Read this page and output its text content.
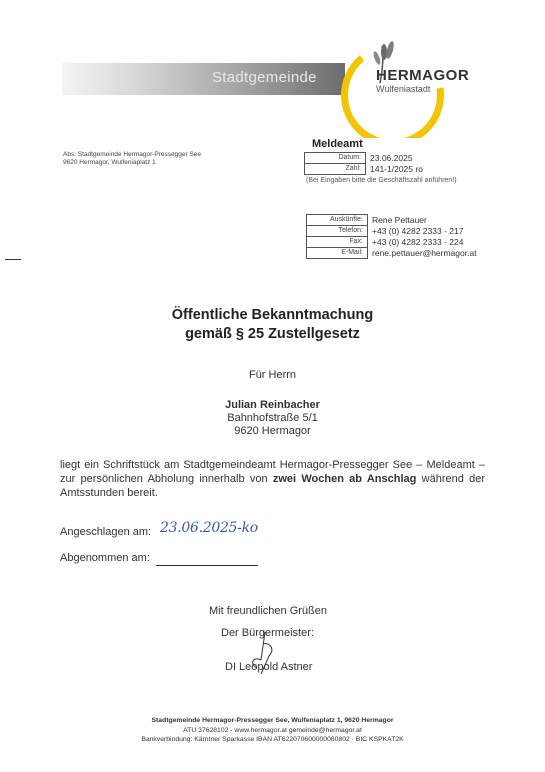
Stadtgemeinde	HERMAGOR
Wulfeniastadt
Abs: Stadtgemeinde Hermagor-Pressegger See
9620 Hermagor, Wulfeniaplatz 1
Meldeamt
Datum:	23.06.2025
Zahl:	141-1/2025 ro
(Bei Eingaben bitte die Geschäftszahl anführen!)
Auskünfte:	Rene Pettauer
Telefon:	+43 (0) 4282 2333 - 217
Fax:	+43 (0) 4282 2333 - 224
E-Mail:	rene.pettauer@hermagor.at
Öffentliche Bekanntmachung
gemäß § 25 Zustellgesetz
Für Herrn
Julian Reinbacher
Bahnhofstraße 5/1
9620 Hermagor
liegt ein Schriftstück am Stadtgemeindeamt Hermagor-Pressegger See – Meldeamt – zur persönlichen Abholung innerhalb von zwei Wochen ab Anschlag während der Amtsstunden bereit.
Angeschlagen am: 23.06.2025-ko
Abgenommen am:
Mit freundlichen Grüßen
Der Bürgermeister:
DI Leopold Astner
Stadtgemeinde Hermagor-Pressegger See, Wulfeniaplatz 1, 9620 Hermagor
ATU 37628102 - www.hermagor.at gemeinde@hermagor.at
Bankverbindung: Kärntner Sparkasse IBAN AT622070600000080802 · BIC KSPKAT2K
